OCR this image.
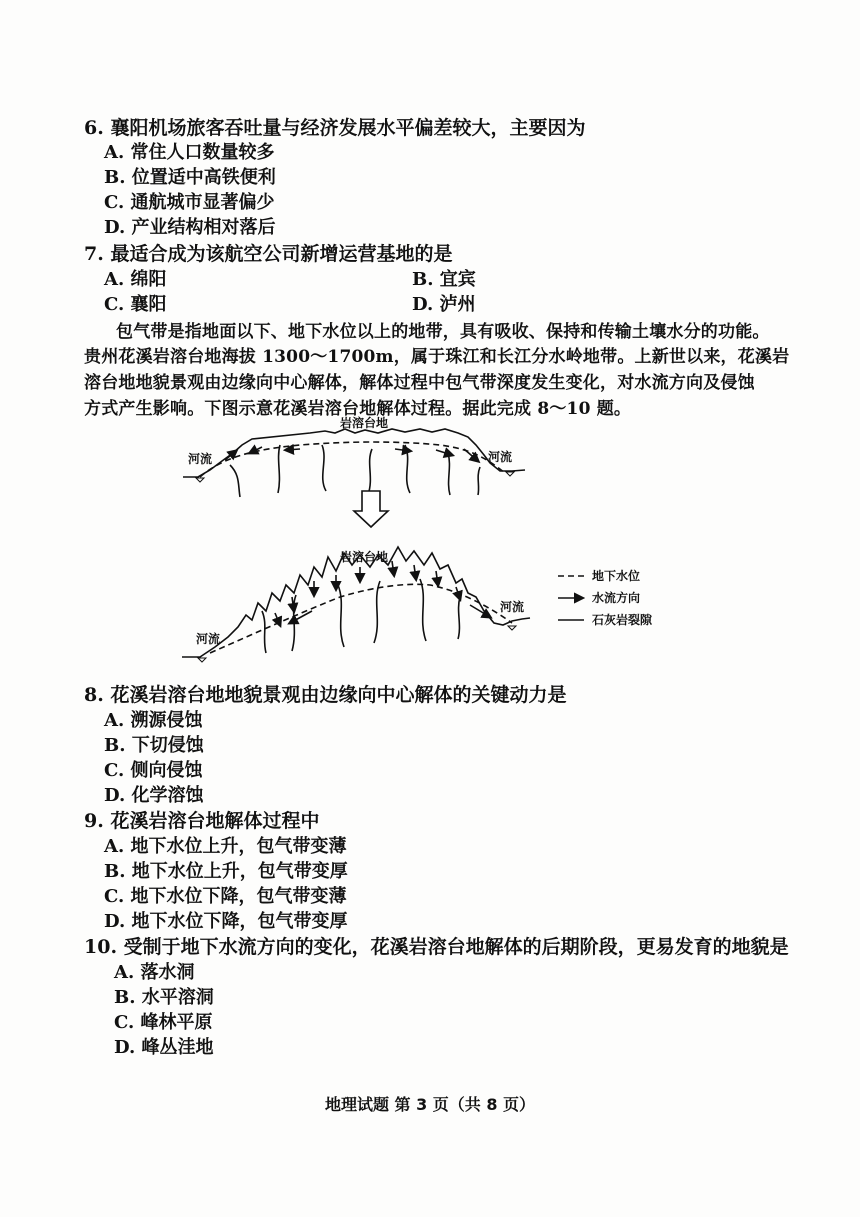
6. 襄阳机场旅客吞吐量与经济发展水平偏差较大，主要因为
A. 常住人口数量较多
B. 位置适中高铁便利
C. 通航城市显著偏少
D. 产业结构相对落后
7. 最适合成为该航空公司新增运营基地的是
A. 绵阳	B. 宜宾
C. 襄阳	D. 泸州
包气带是指地面以下、地下水位以上的地带，具有吸收、保持和传输土壤水分的功能。
贵州花溪岩溶台地海拔 1300～1700m，属于珠江和长江分水岭地带。上新世以来，花溪岩
溶台地地貌景观由边缘向中心解体，解体过程中包气带深度发生变化，对水流方向及侵蚀
方式产生影响。下图示意花溪岩溶台地解体过程。据此完成 8～10 题。
岩溶台地
河流	河流
岩溶台地
河流
河流
地下水位
水流方向
石灰岩裂隙
8. 花溪岩溶台地地貌景观由边缘向中心解体的关键动力是
A. 溯源侵蚀
B. 下切侵蚀
C. 侧向侵蚀
D. 化学溶蚀
9. 花溪岩溶台地解体过程中
A. 地下水位上升，包气带变薄
B. 地下水位上升，包气带变厚
C. 地下水位下降，包气带变薄
D. 地下水位下降，包气带变厚
10. 受制于地下水流方向的变化，花溪岩溶台地解体的后期阶段，更易发育的地貌是
A. 落水洞
B. 水平溶洞
C. 峰林平原
D. 峰丛洼地
地理试题 第 3 页（共 8 页）
